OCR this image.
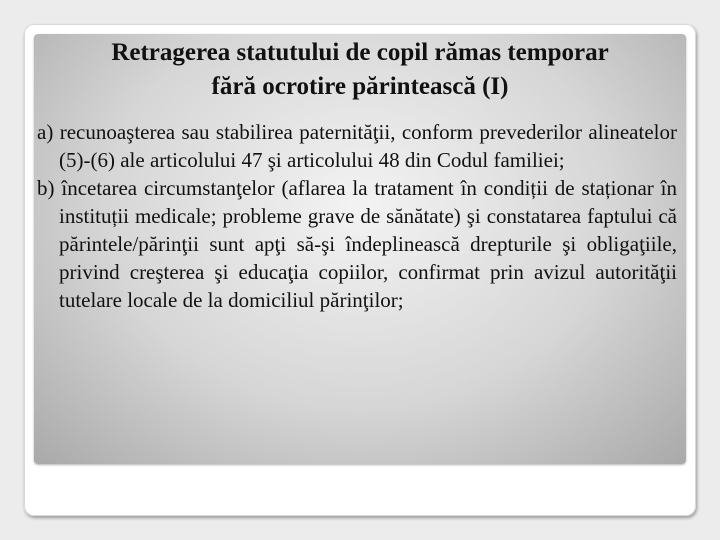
Retragerea statutului de copil rămas temporar
fără ocrotire părintească (I)
a) recunoaşterea sau stabilirea paternităţii, conform prevederilor alineatelor (5)-(6) ale articolului 47 şi articolului 48 din Codul familiei;
b) încetarea circumstanţelor (aflarea la tratament în condiții de staționar în instituții medicale; probleme grave de sănătate) şi constatarea faptului că părintele/părinţii sunt apţi să-şi îndeplinească drepturile şi obligaţiile, privind creşterea şi educaţia copiilor, confirmat prin avizul autorităţii tutelare locale de la domiciliul părinţilor;
